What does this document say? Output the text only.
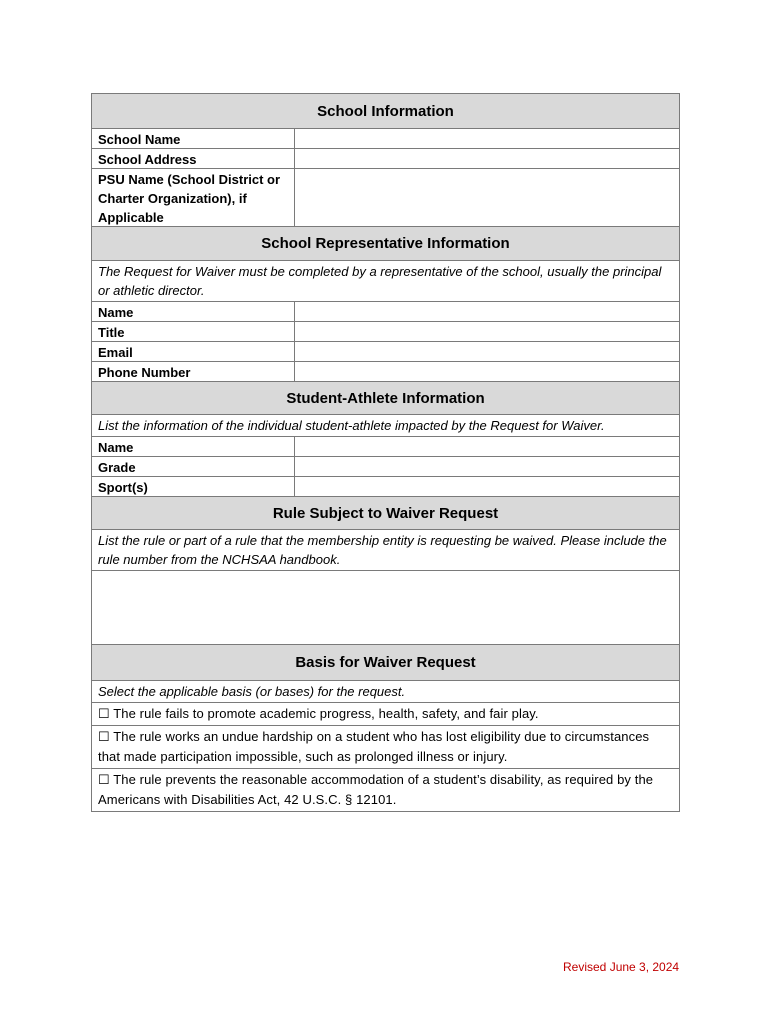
School Information
School Name
School Address
PSU Name (School District or Charter Organization), if Applicable
School Representative Information
The Request for Waiver must be completed by a representative of the school, usually the principal or athletic director.
Name
Title
Email
Phone Number
Student-Athlete Information
List the information of the individual student-athlete impacted by the Request for Waiver.
Name
Grade
Sport(s)
Rule Subject to Waiver Request
List the rule or part of a rule that the membership entity is requesting be waived. Please include the rule number from the NCHSAA handbook.
Basis for Waiver Request
Select the applicable basis (or bases) for the request.
☐ The rule fails to promote academic progress, health, safety, and fair play.
☐ The rule works an undue hardship on a student who has lost eligibility due to circumstances that made participation impossible, such as prolonged illness or injury.
☐ The rule prevents the reasonable accommodation of a student’s disability, as required by the Americans with Disabilities Act, 42 U.S.C. § 12101.
Revised June 3, 2024
